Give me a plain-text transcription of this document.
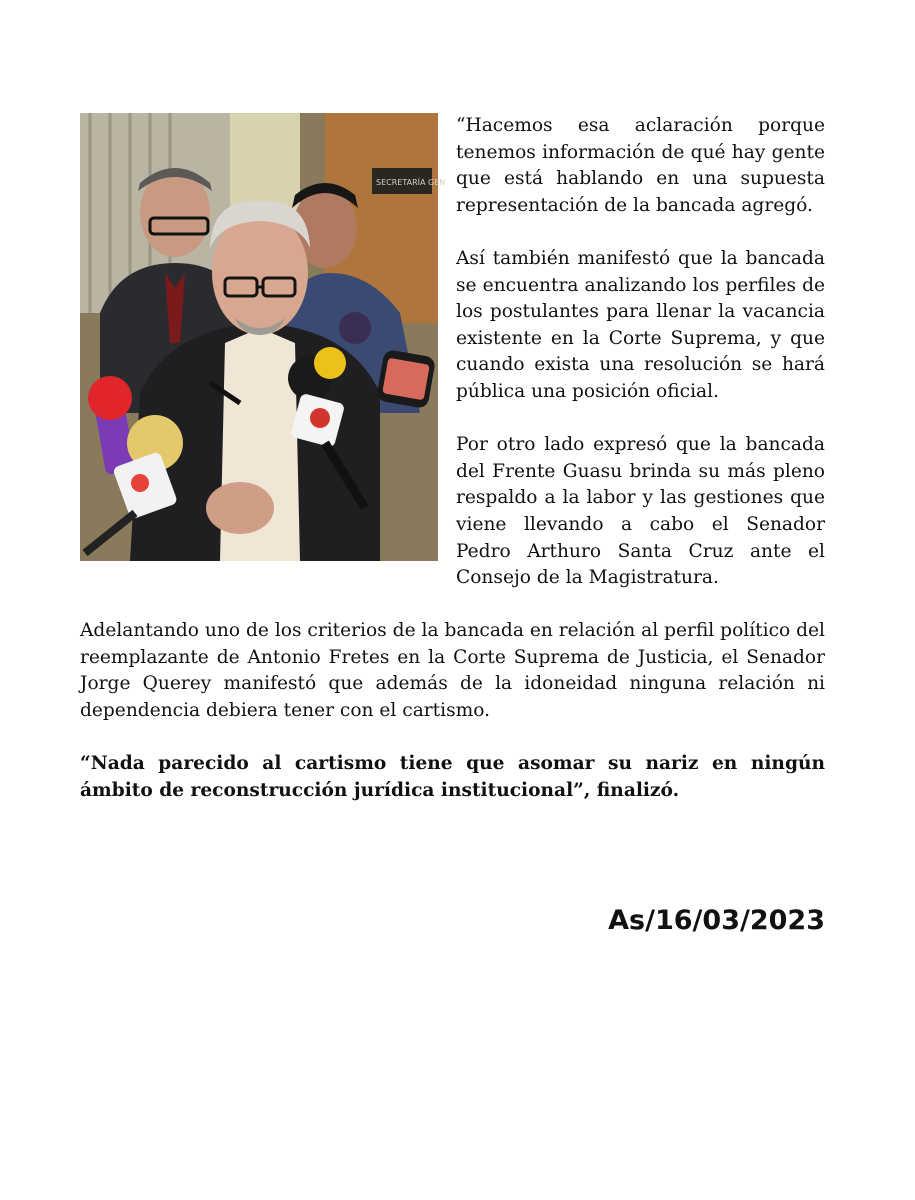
SECRETARÍA GEN

“Hacemos esa aclaración porque tenemos información de qué hay gente que está hablando en una supuesta representación de la bancada agregó.

Así también manifestó que la bancada se encuentra analizando los perfiles de los postulantes para llenar la vacancia existente en la Corte Suprema, y que cuando exista una resolución se hará pública una posición oficial.

Por otro lado expresó que la bancada del Frente Guasu brinda su más pleno respaldo a la labor y las gestiones que viene llevando a cabo el Senador Pedro Arthuro Santa Cruz ante el Consejo de la Magistratura.

Adelantando uno de los criterios de la bancada en relación al perfil político del reemplazante de Antonio Fretes en la Corte Suprema de Justicia, el Senador Jorge Querey manifestó que además de la idoneidad ninguna relación ni dependencia debiera tener con el cartismo.

“Nada parecido al cartismo tiene que asomar su nariz en ningún ámbito de reconstrucción jurídica institucional”, finalizó.

As/16/03/2023
